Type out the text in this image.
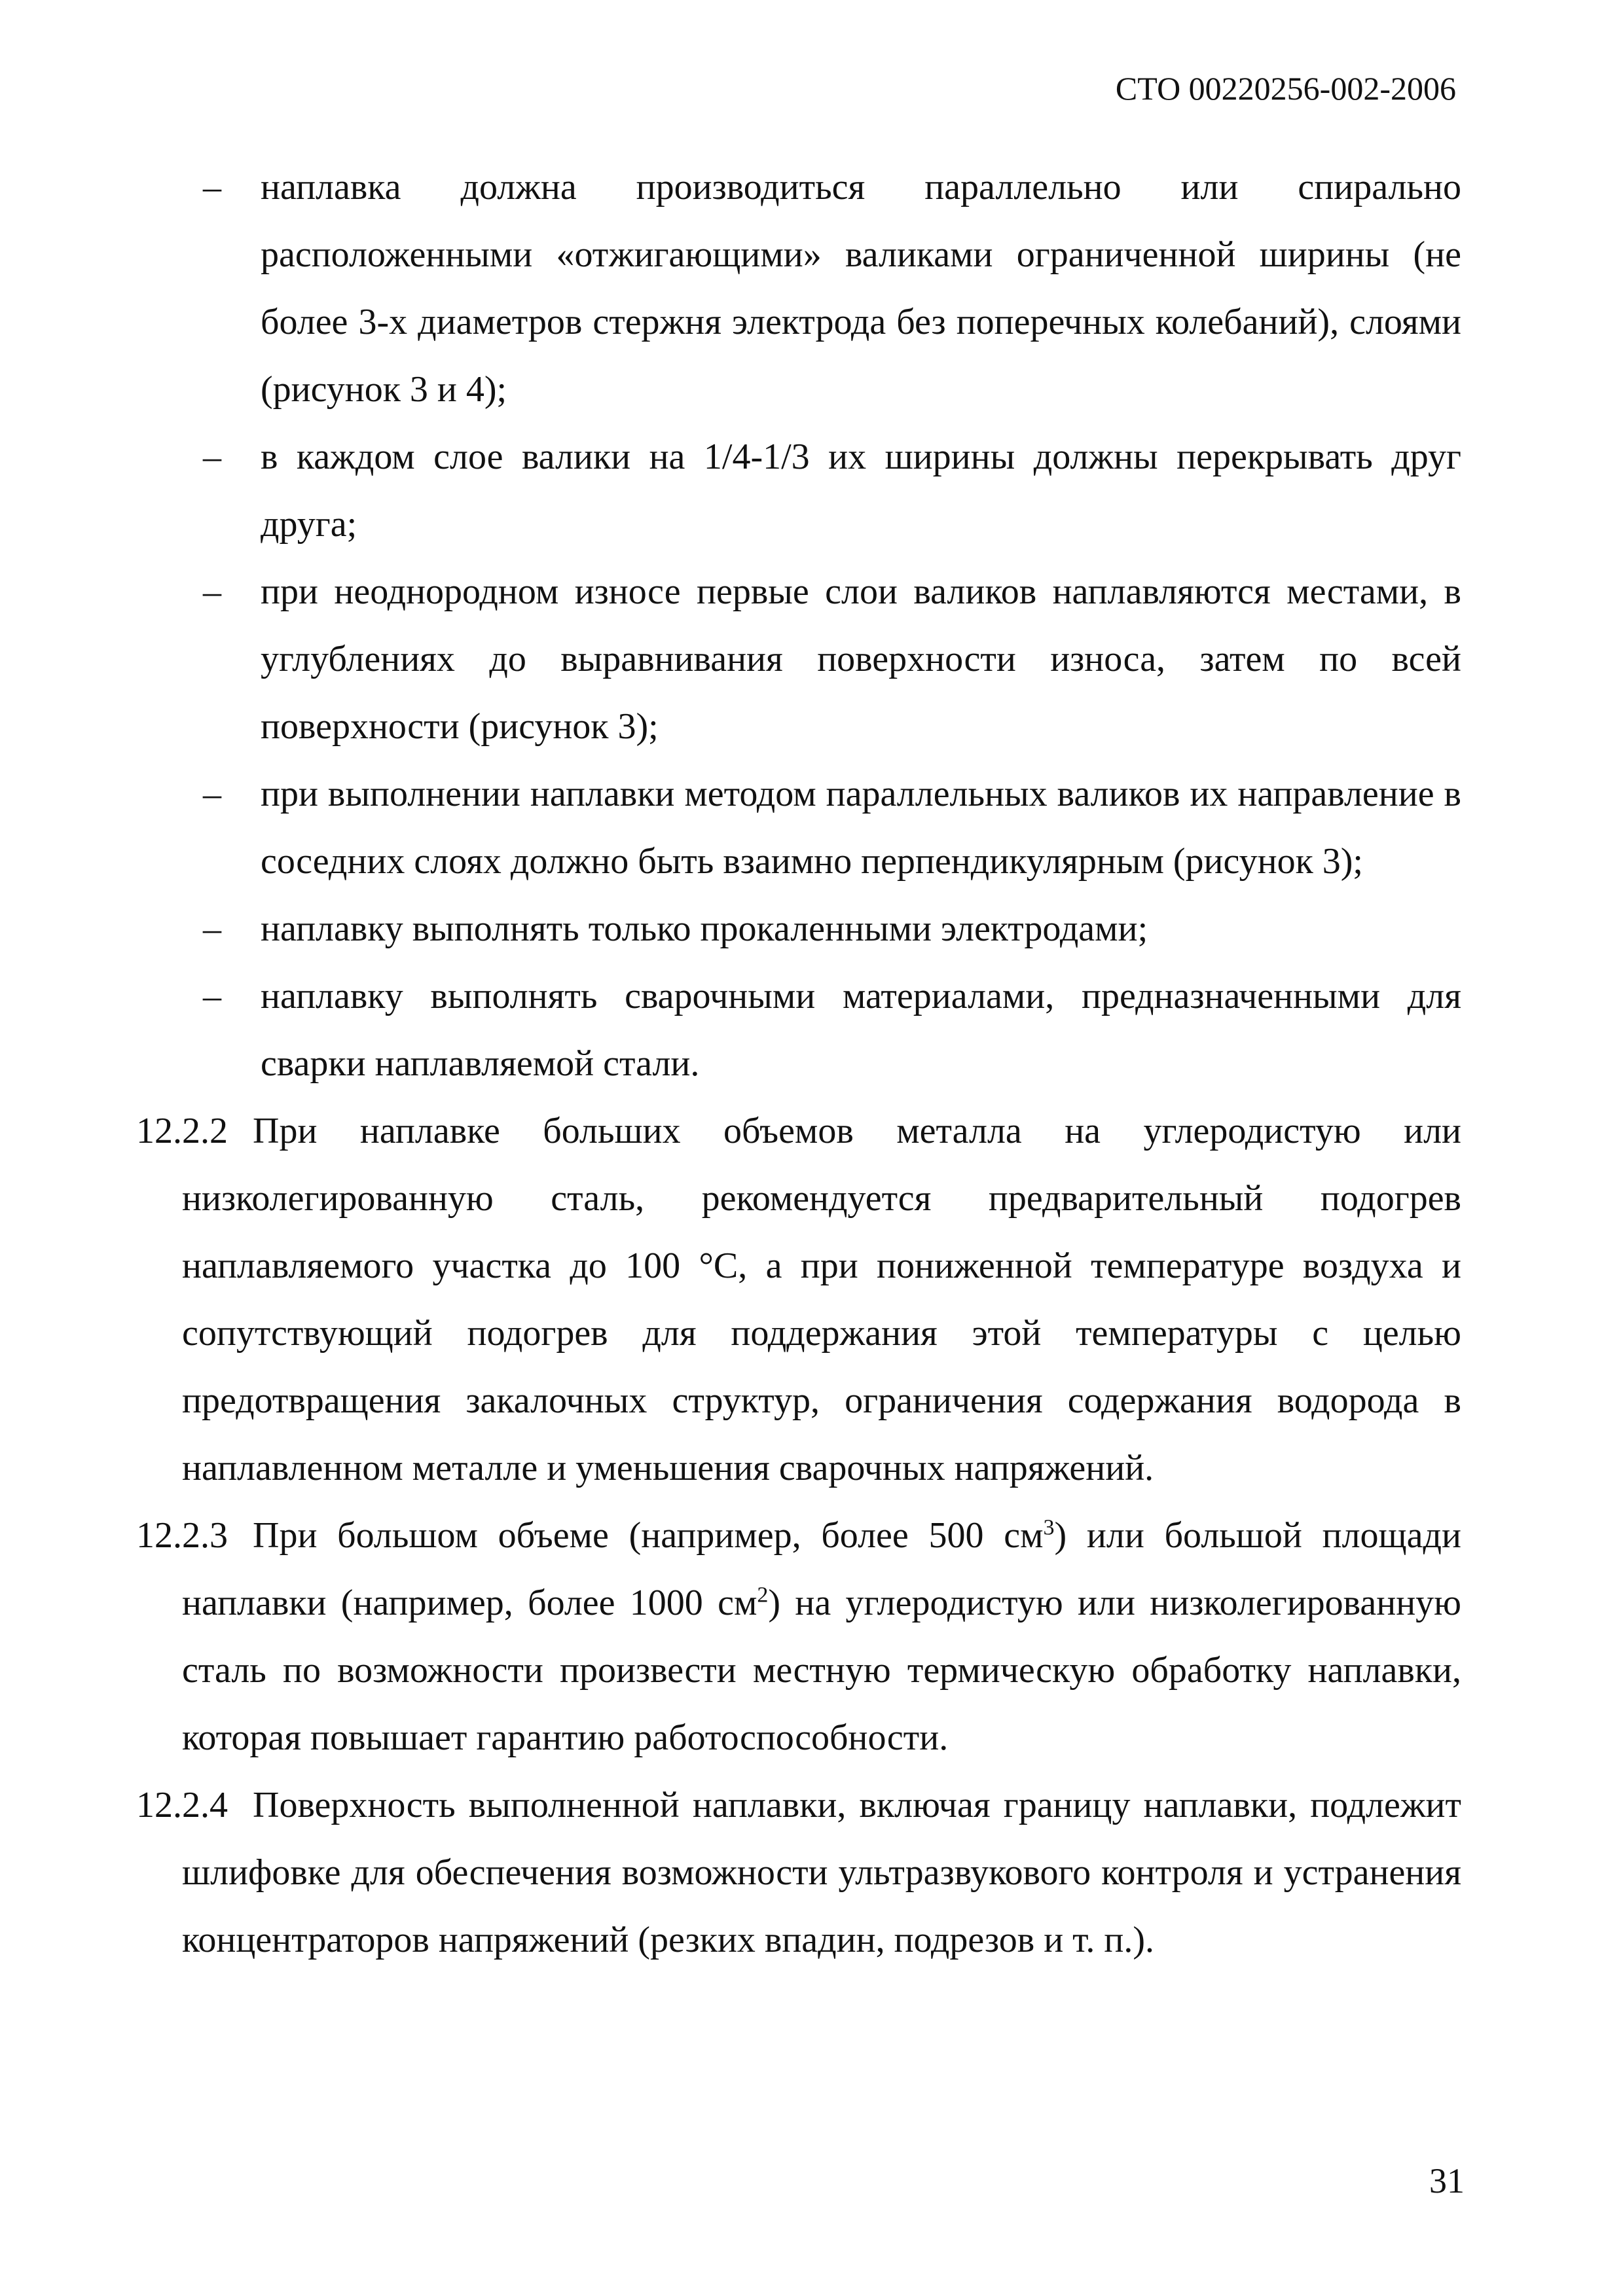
СТО 00220256-002-2006
– наплавка должна производиться параллельно или спирально расположенными «отжигающими» валиками ограниченной ширины (не более 3-х диаметров стержня электрода без поперечных колебаний), слоями (рисунок 3 и 4);
– в каждом слое валики на 1/4-1/3 их ширины должны перекрывать друг друга;
– при неоднородном износе первые слои валиков наплавляются местами, в углублениях до выравнивания поверхности износа, затем по всей поверхности (рисунок 3);
– при выполнении наплавки методом параллельных валиков их направление в соседних слоях должно быть взаимно перпендикулярным (рисунок 3);
– наплавку выполнять только прокаленными электродами;
– наплавку выполнять сварочными материалами, предназначенными для сварки наплавляемой стали.
12.2.2 При наплавке больших объемов металла на углеродистую или низколегированную сталь, рекомендуется предварительный подогрев наплавляемого участка до 100 °С, а при пониженной температуре воздуха и сопутствующий подогрев для поддержания этой температуры с целью предотвращения закалочных структур, ограничения содержания водорода в наплавленном металле и уменьшения сварочных напряжений.
12.2.3 При большом объеме (например, более 500 $см^3$) или большой площади наплавки (например, более 1000 $см^2$) на углеродистую или низколегированную сталь по возможности произвести местную термическую обработку наплавки, которая повышает гарантию работоспособности.
12.2.4 Поверхность выполненной наплавки, включая границу наплавки, подлежит шлифовке для обеспечения возможности ультразвукового контроля и устранения концентраторов напряжений (резких впадин, подрезов и т. п.).
31
